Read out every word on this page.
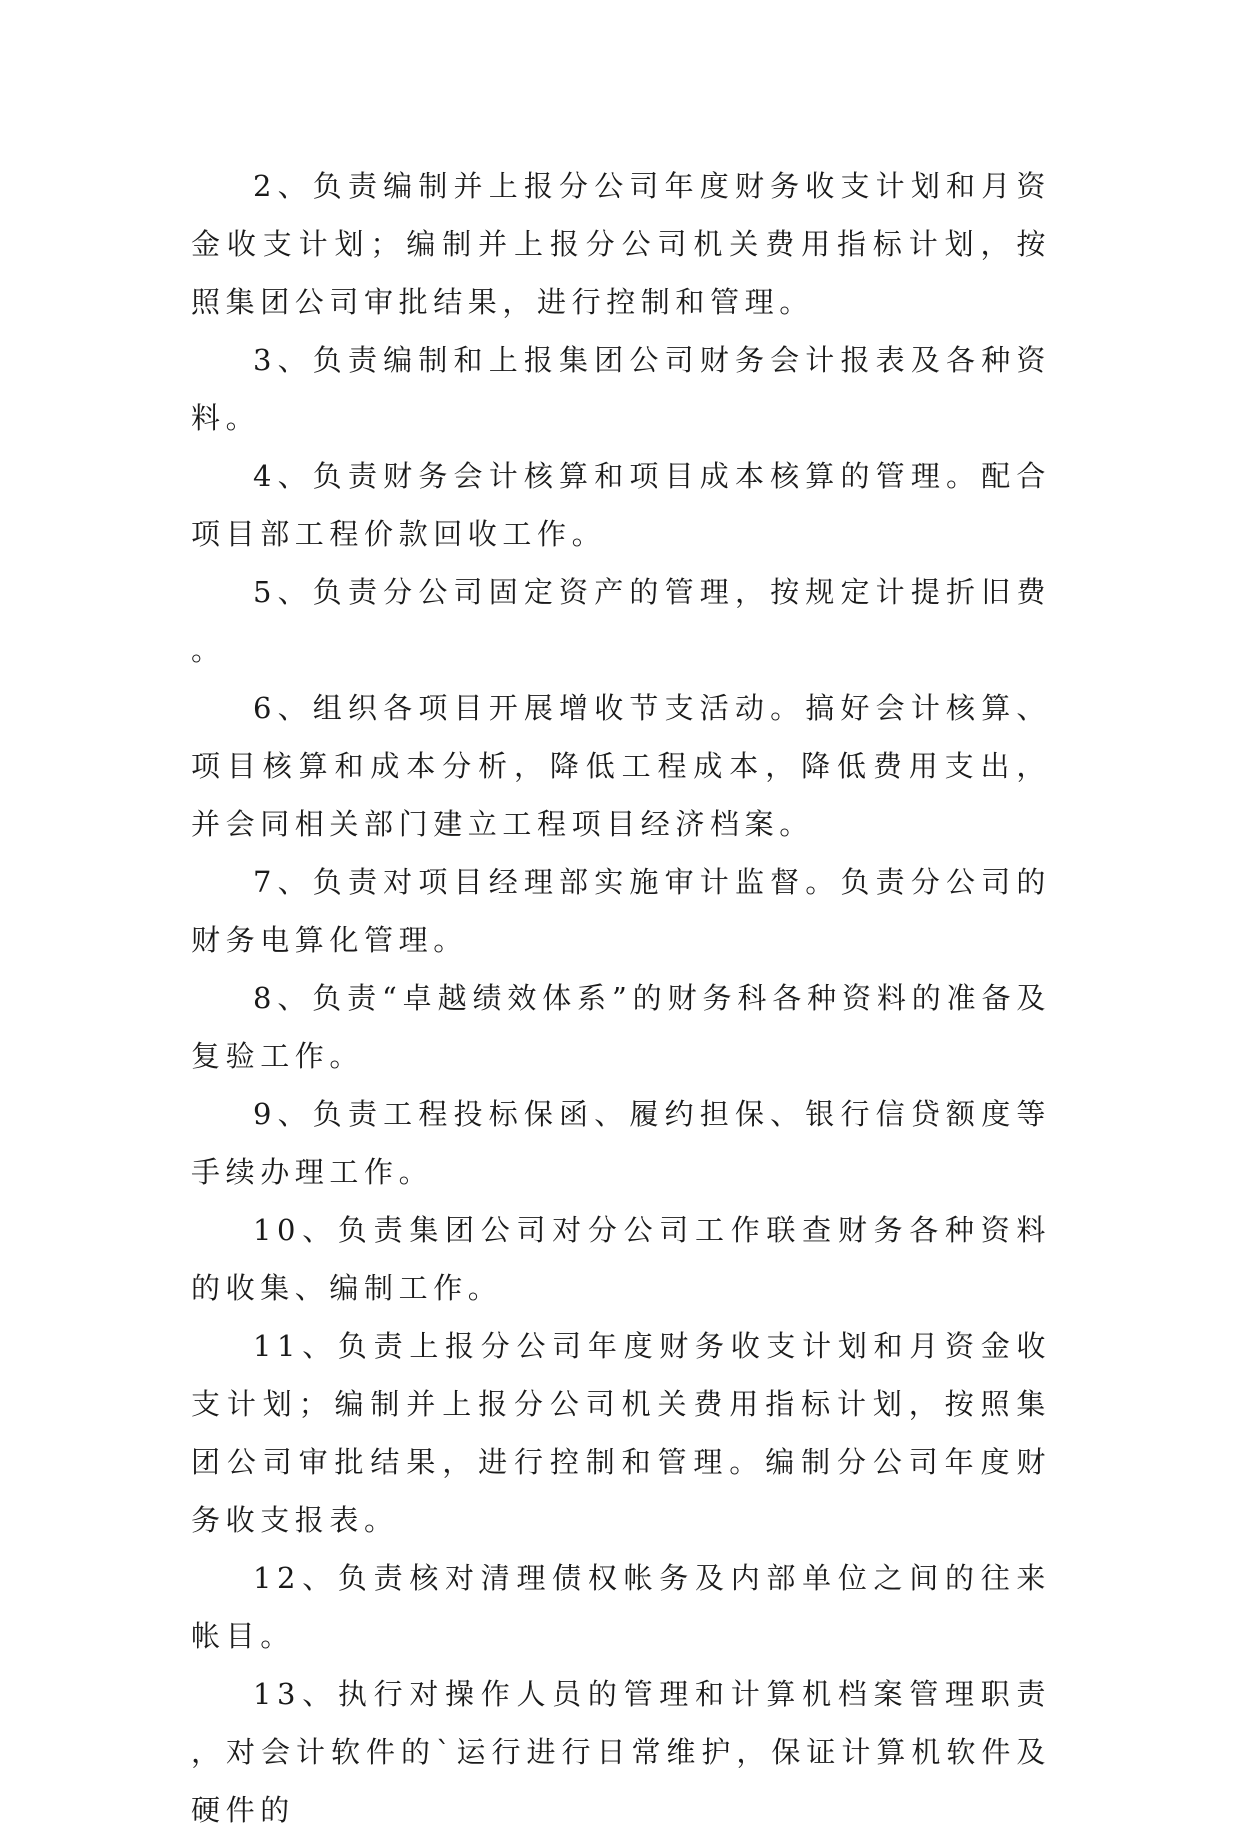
2、负责编制并上报分公司年度财务收支计划和月资金收支计划；编制并上报分公司机关费用指标计划，按照集团公司审批结果，进行控制和管理。

3、负责编制和上报集团公司财务会计报表及各种资料。

4、负责财务会计核算和项目成本核算的管理。配合项目部工程价款回收工作。

5、负责分公司固定资产的管理，按规定计提折旧费。

6、组织各项目开展增收节支活动。搞好会计核算、项目核算和成本分析，降低工程成本，降低费用支出，并会同相关部门建立工程项目经济档案。

7、负责对项目经理部实施审计监督。负责分公司的财务电算化管理。

8、负责“卓越绩效体系”的财务科各种资料的准备及复验工作。

9、负责工程投标保函、履约担保、银行信贷额度等手续办理工作。

10、负责集团公司对分公司工作联查财务各种资料的收集、编制工作。

11、负责上报分公司年度财务收支计划和月资金收支计划；编制并上报分公司机关费用指标计划，按照集团公司审批结果，进行控制和管理。编制分公司年度财务收支报表。

12、负责核对清理债权帐务及内部单位之间的往来帐目。

13、执行对操作人员的管理和计算机档案管理职责，对会计软件的`运行进行日常维护，保证计算机软件及硬件的
